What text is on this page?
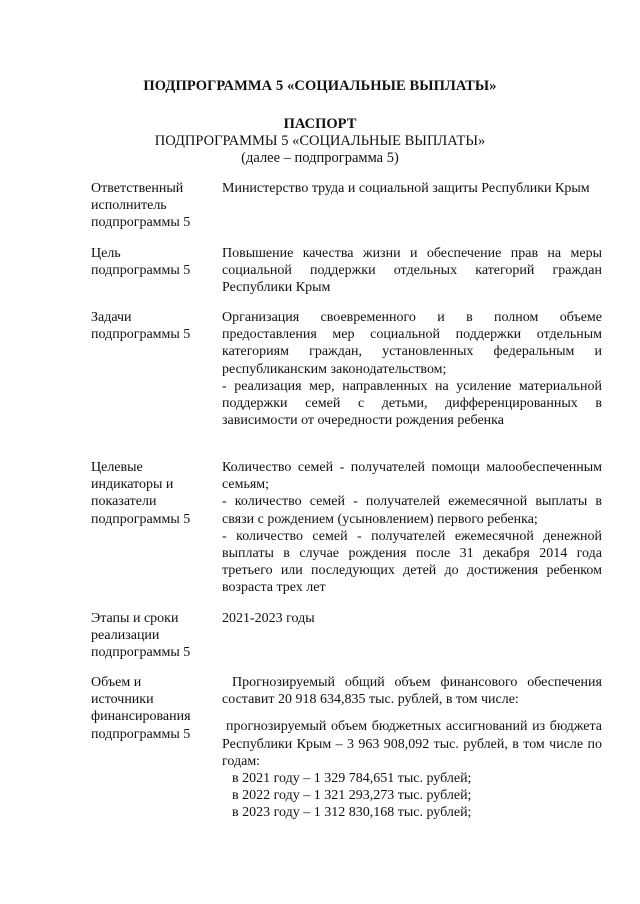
ПОДПРОГРАММА 5 «СОЦИАЛЬНЫЕ ВЫПЛАТЫ»
ПАСПОРТ
ПОДПРОГРАММЫ 5 «СОЦИАЛЬНЫЕ ВЫПЛАТЫ»
(далее – подпрограмма 5)
Ответственный
исполнитель
подпрограммы 5

Министерство труда и социальной защиты Республики Крым

Цель
подпрограммы 5

Повышение качества жизни и обеспечение прав на меры социальной поддержки отдельных категорий граждан Республики Крым

Задачи
подпрограммы 5

Организация своевременного и в полном объеме предоставления мер социальной поддержки отдельным категориям граждан, установленных федеральным и республиканским законодательством;

- реализация мер, направленных на усиление материальной поддержки семей с детьми, дифференцированных в зависимости от очередности рождения ребенка

Целевые
индикаторы и
показатели
подпрограммы 5

Количество семей - получателей помощи малообеспеченным семьям;

- количество семей - получателей ежемесячной выплаты в связи с рождением (усыновлением) первого ребенка;

- количество семей - получателей ежемесячной денежной выплаты в случае рождения после 31 декабря 2014 года третьего или последующих детей до достижения ребенком возраста трех лет

Этапы и сроки
реализации
подпрограммы 5

2021-2023 годы

Объем и
источники
финансирования
подпрограммы 5

Прогнозируемый общий объем финансового обеспечения составит 20 918 634,835 тыс. рублей, в том числе:

прогнозируемый объем бюджетных ассигнований из бюджета Республики Крым – 3 963 908,092 тыс. рублей, в том числе по годам:

в 2021 году – 1 329 784,651 тыс. рублей;

в 2022 году – 1 321 293,273 тыс. рублей;

в 2023 году – 1 312 830,168 тыс. рублей;
